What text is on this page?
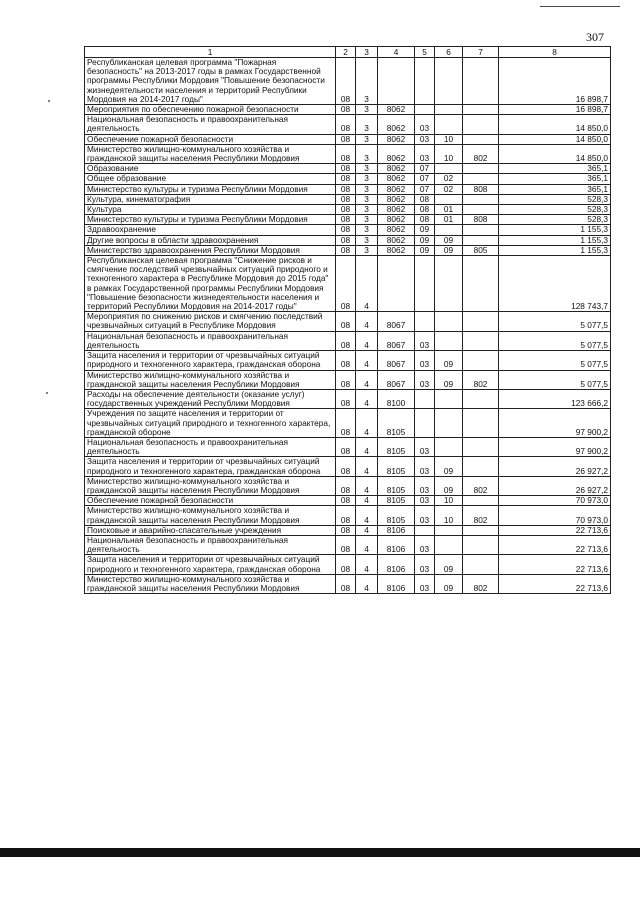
307
1	2	3	4	5	6	7	8
Республиканская целевая программа "Пожарная безопасность" на 2013-2017 годы в рамках Государственной программы Республики Мордовия "Повышение безопасности жизнедеятельности населения и территорий Республики Мордовия на 2014-2017 годы"	08	3					16 898,7
Мероприятия по обеспечению пожарной безопасности	08	3	8062				16 898,7
Национальная безопасность и правоохранительная деятельность	08	3	8062	03			14 850,0
Обеспечение пожарной безопасности	08	3	8062	03	10		14 850,0
Министерство жилищно-коммунального хозяйства и гражданской защиты населения Республики Мордовия	08	3	8062	03	10	802	14 850,0
Образование	08	3	8062	07			365,1
Общее образование	08	3	8062	07	02		365,1
Министерство культуры и туризма Республики Мордовия	08	3	8062	07	02	808	365,1
Культура, кинематография	08	3	8062	08			528,3
Культура	08	3	8062	08	01		528,3
Министерство культуры и туризма Республики Мордовия	08	3	8062	08	01	808	528,3
Здравоохранение	08	3	8062	09			1 155,3
Другие вопросы в области здравоохранения	08	3	8062	09	09		1 155,3
Министерство здравоохранения Республики Мордовия	08	3	8062	09	09	805	1 155,3
Республиканская целевая программа "Снижение рисков и смягчение последствий чрезвычайных ситуаций природного и техногенного характера в Республике Мордовия до 2015 года" в рамках Государственной программы Республики Мордовия "Повышение безопасности жизнедеятельности населения и территорий Республики Мордовия на 2014-2017 годы"	08	4					128 743,7
Мероприятия по снижению рисков и смягчению последствий чрезвычайных ситуаций в Республике Мордовия	08	4	8067				5 077,5
Национальная безопасность и правоохранительная деятельность	08	4	8067	03			5 077,5
Защита населения и территории от чрезвычайных ситуаций природного и техногенного характера, гражданская оборона	08	4	8067	03	09		5 077,5
Министерство жилищно-коммунального хозяйства и гражданской защиты населения Республики Мордовия	08	4	8067	03	09	802	5 077,5
Расходы на обеспечение деятельности (оказание услуг) государственных учреждений Республики Мордовия	08	4	8100				123 666,2
Учреждения по защите населения и территории от чрезвычайных ситуаций природного и техногенного характера, гражданской обороне	08	4	8105				97 900,2
Национальная безопасность и правоохранительная деятельность	08	4	8105	03			97 900,2
Защита населения и территории от чрезвычайных ситуаций природного и техногенного характера, гражданская оборона	08	4	8105	03	09		26 927,2
Министерство жилищно-коммунального хозяйства и гражданской защиты населения Республики Мордовия	08	4	8105	03	09	802	26 927,2
Обеспечение пожарной безопасности	08	4	8105	03	10		70 973,0
Министерство жилищно-коммунального хозяйства и гражданской защиты населения Республики Мордовия	08	4	8105	03	10	802	70 973,0
Поисковые и аварийно-спасательные учреждения	08	4	8106				22 713,6
Национальная безопасность и правоохранительная деятельность	08	4	8106	03			22 713,6
Защита населения и территории от чрезвычайных ситуаций природного и техногенного характера, гражданская оборона	08	4	8106	03	09		22 713,6
Министерство жилищно-коммунального хозяйства и гражданской защиты населения Республики Мордовия	08	4	8106	03	09	802	22 713,6
